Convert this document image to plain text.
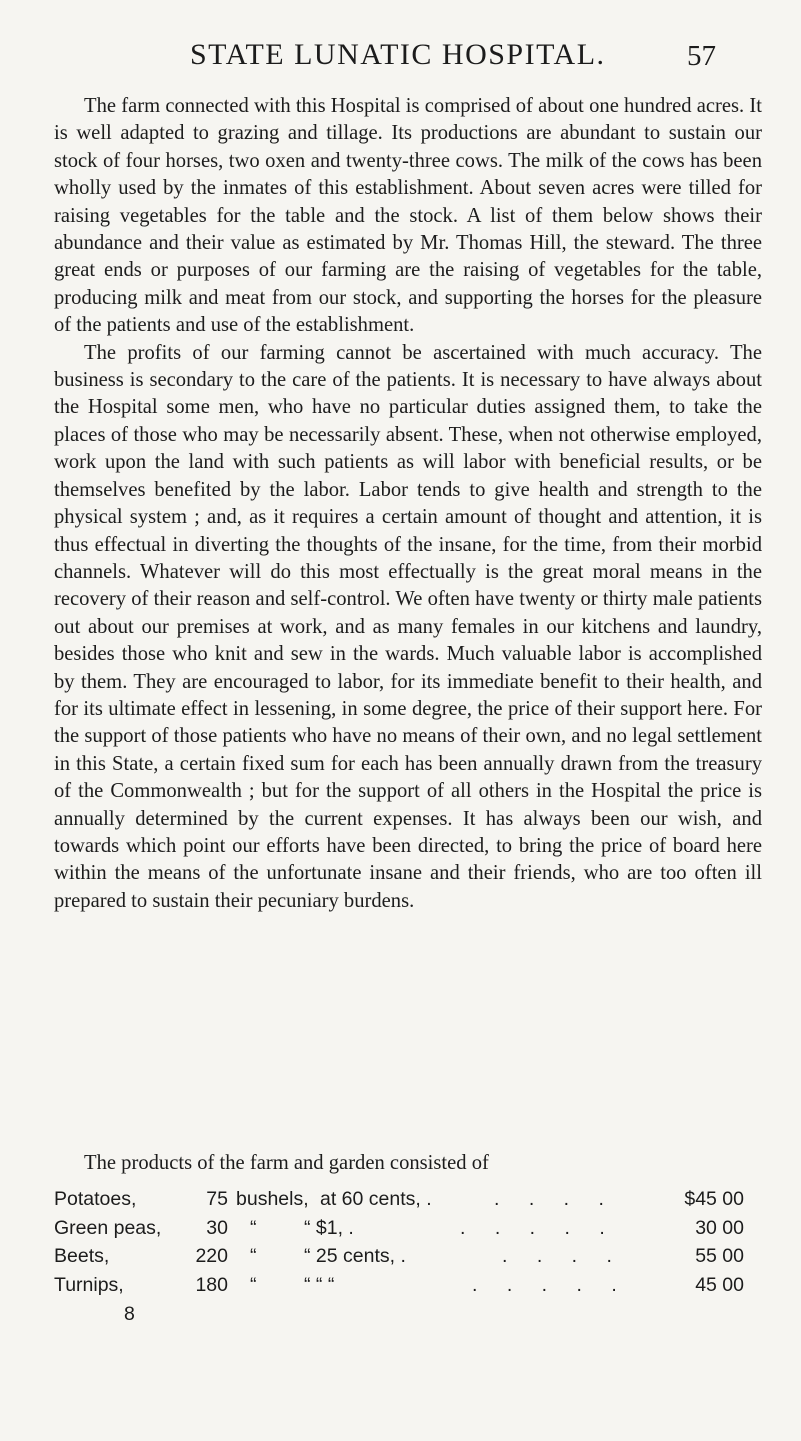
STATE LUNATIC HOSPITAL.	57

The farm connected with this Hospital is comprised of about one hundred acres. It is well adapted to grazing and tillage. Its productions are abundant to sustain our stock of four horses, two oxen and twenty-three cows. The milk of the cows has been wholly used by the inmates of this establishment. About seven acres were tilled for raising vegetables for the table and the stock. A list of them below shows their abundance and their value as estimated by Mr. Thomas Hill, the steward. The three great ends or purposes of our farming are the raising of vegetables for the table, producing milk and meat from our stock, and supporting the horses for the pleasure of the patients and use of the establishment.

The profits of our farming cannot be ascertained with much accuracy. The business is secondary to the care of the patients. It is necessary to have always about the Hospital some men, who have no particular duties assigned them, to take the places of those who may be necessarily absent. These, when not otherwise employed, work upon the land with such patients as will labor with beneficial results, or be themselves benefited by the labor. Labor tends to give health and strength to the physical system ; and, as it requires a certain amount of thought and attention, it is thus effectual in diverting the thoughts of the insane, for the time, from their morbid channels. Whatever will do this most effectually is the great moral means in the recovery of their reason and self-control. We often have twenty or thirty male patients out about our premises at work, and as many females in our kitchens and laundry, besides those who knit and sew in the wards. Much valuable labor is accomplished by them. They are encouraged to labor, for its immediate benefit to their health, and for its ultimate effect in lessening, in some degree, the price of their support here. For the support of those patients who have no means of their own, and no legal settlement in this State, a certain fixed sum for each has been annually drawn from the treasury of the Commonwealth ; but for the support of all others in the Hospital the price is annually determined by the current expenses. It has always been our wish, and towards which point our efforts have been directed, to bring the price of board here within the means of the unfortunate insane and their friends, who are too often ill prepared to sustain their pecuniary burdens.

The products of the farm and garden consisted of
Potatoes,	75 bushels, at 60 cents, .	. . . .	$45 00
Green peas,	30 “ “ $1, .	. . . . .	30 00
Beets,	220 “ “ 25 cents, .	. . . .	55 00
Turnips,	180 “ “ “ “	. . . . .	45 00
8
